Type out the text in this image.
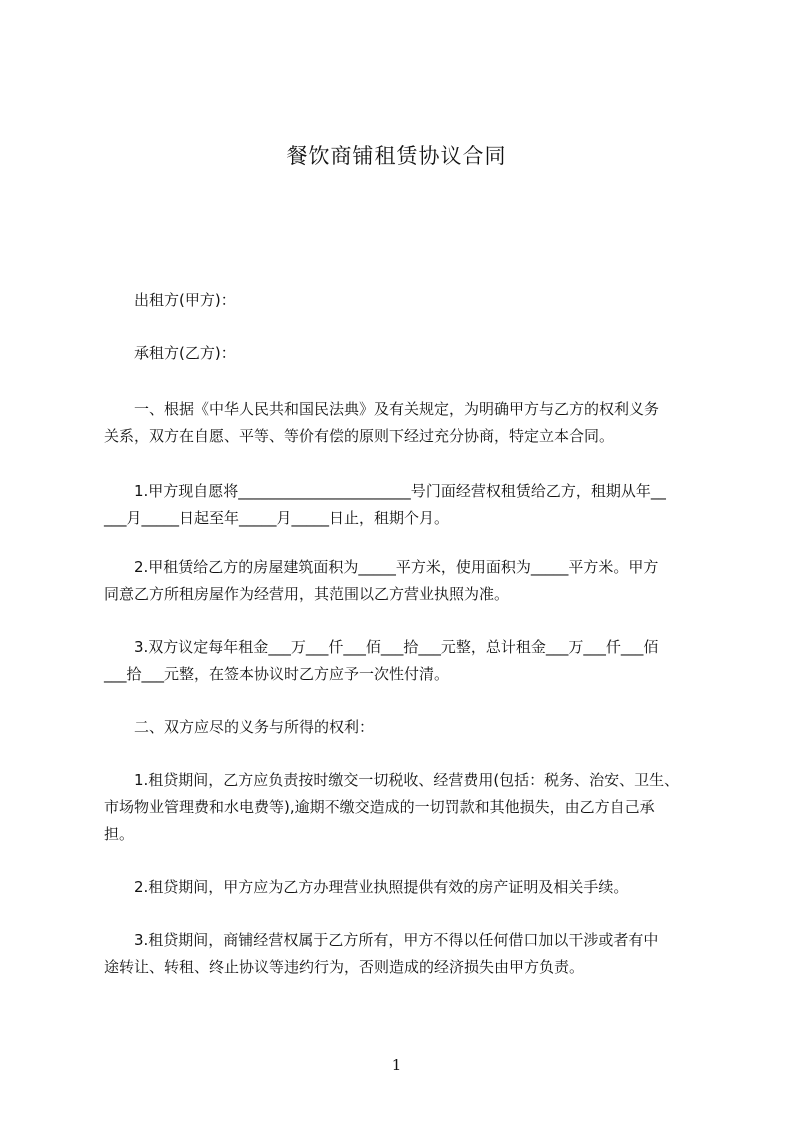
餐饮商铺租赁协议合同
　　出租方(甲方)：
　　承租方(乙方)：
　　一、根据《中华人民共和国民法典》及有关规定，为明确甲方与乙方的权利义务
关系，双方在自愿、平等、等价有偿的原则下经过充分协商，特定立本合同。
　　1.甲方现自愿将_______________________号门面经营权租赁给乙方，租期从年__
___月_____日起至年_____月_____日止，租期个月。
　　2.甲租赁给乙方的房屋建筑面积为_____平方米，使用面积为_____平方米。甲方
同意乙方所租房屋作为经营用，其范围以乙方营业执照为准。
　　3.双方议定每年租金___万___仟___佰___拾___元整，总计租金___万___仟___佰
___拾___元整，在签本协议时乙方应予一次性付清。
　　二、双方应尽的义务与所得的权利：
　　1.租贷期间，乙方应负责按时缴交一切税收、经营费用(包括：税务、治安、卫生、
市场物业管理费和水电费等),逾期不缴交造成的一切罚款和其他损失，由乙方自己承
担。
　　2.租贷期间，甲方应为乙方办理营业执照提供有效的房产证明及相关手续。
　　3.租贷期间，商铺经营权属于乙方所有，甲方不得以任何借口加以干涉或者有中
途转让、转租、终止协议等违约行为，否则造成的经济损失由甲方负责。
1
